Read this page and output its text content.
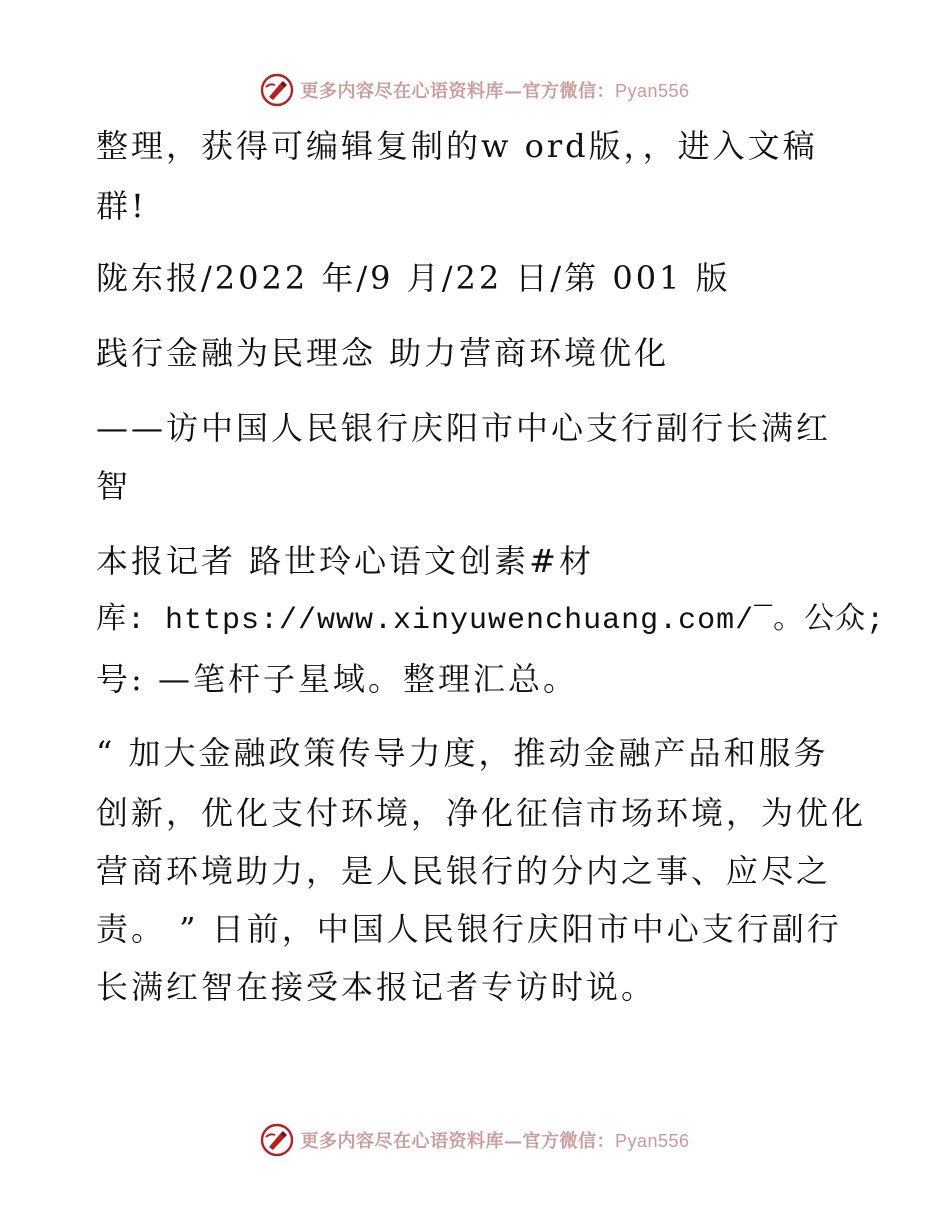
更多内容尽在心语资料库—官方微信：Pyan556
整理，获得可编辑复制的w ord版，，进入文稿
群!
陇东报/2022 年/9 月/22 日/第 001 版
践行金融为民理念 助力营商环境优化
——访中国人民银行庆阳市中心支行副行长满红
智
本报记者 路世玲心语文创素#材
库: https://www.xinyuwenchuang.com/¯。公众;
号: —笔杆子星域。整理汇总。
“ 加大金融政策传导力度，推动金融产品和服务
创新，优化支付环境，净化征信市场环境，为优化
营商环境助力，是人民银行的分内之事、应尽之
责。 ” 日前，中国人民银行庆阳市中心支行副行
长满红智在接受本报记者专访时说。
更多内容尽在心语资料库—官方微信：Pyan556
